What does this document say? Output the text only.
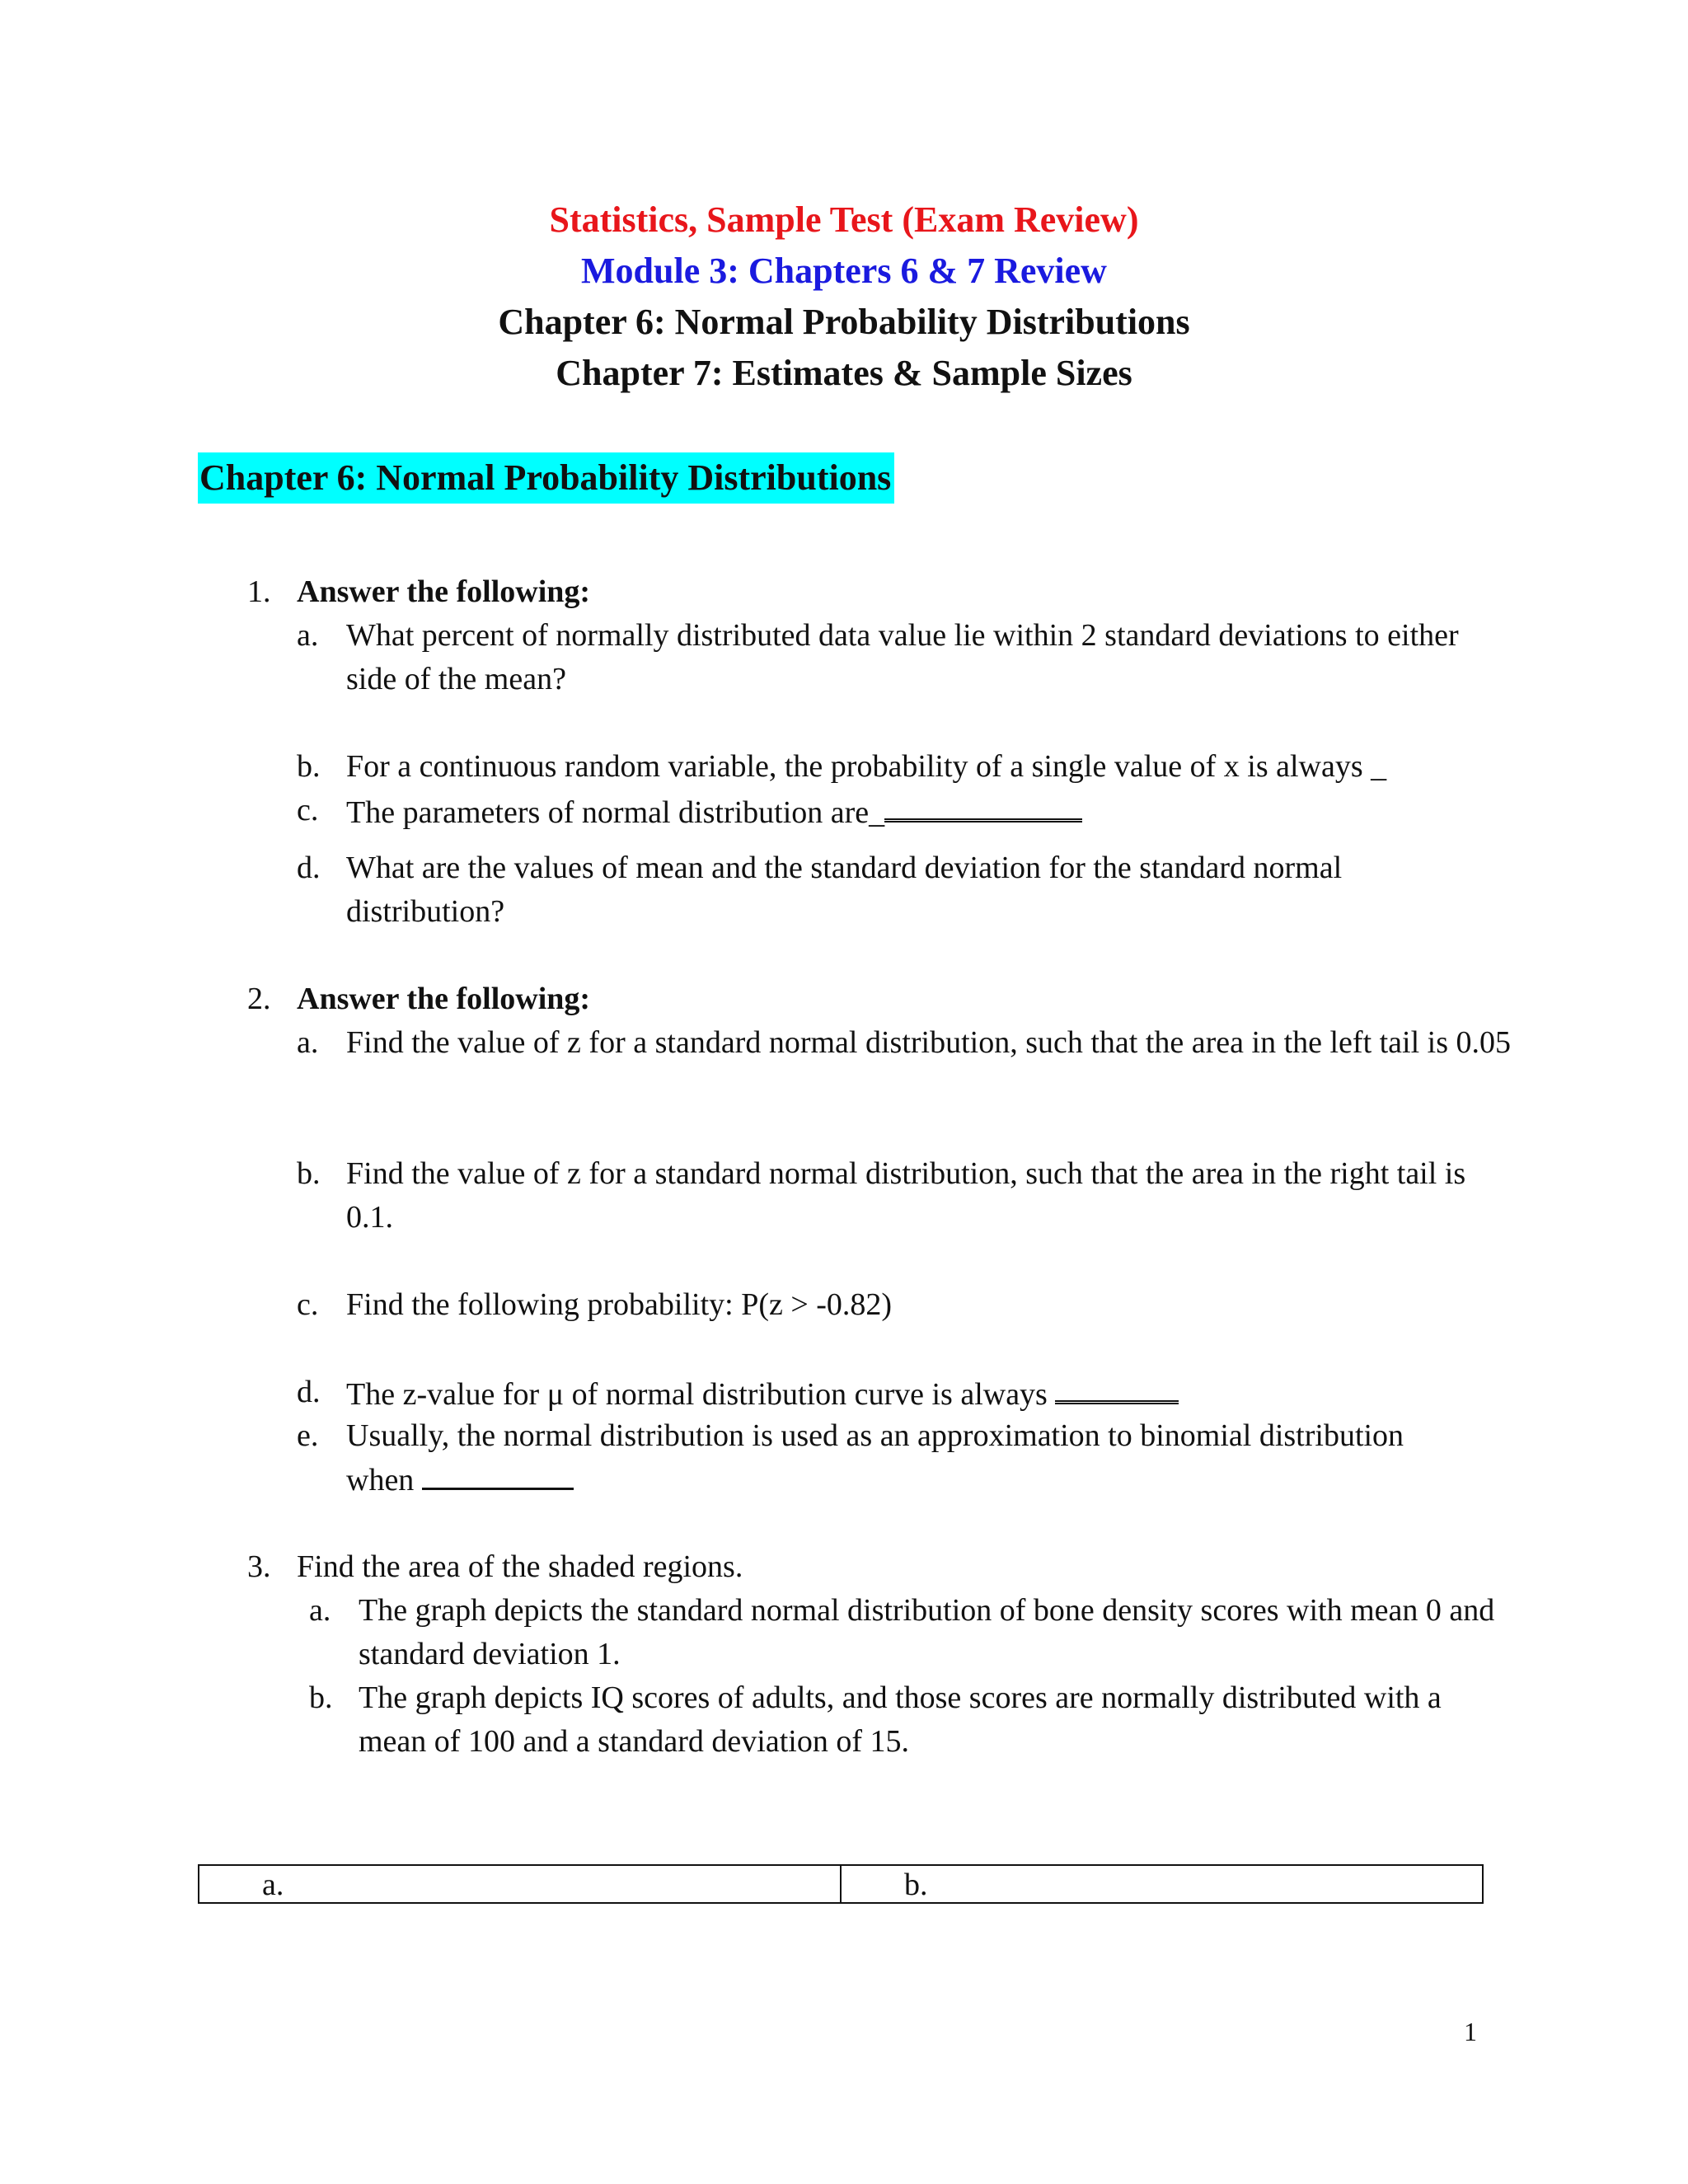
Statistics, Sample Test (Exam Review)
Module 3: Chapters 6 & 7 Review
Chapter 6: Normal Probability Distributions
Chapter 7: Estimates & Sample Sizes
Chapter 6: Normal Probability Distributions
1. Answer the following:
a. What percent of normally distributed data value lie within 2 standard deviations to either side of the mean?
b. For a continuous random variable, the probability of a single value of x is always _
c. The parameters of normal distribution are_
d. What are the values of mean and the standard deviation for the standard normal distribution?
2. Answer the following:
a. Find the value of z for a standard normal distribution, such that the area in the left tail is 0.05
b. Find the value of z for a standard normal distribution, such that the area in the right tail is 0.1.
c. Find the following probability: P(z > -0.82)
d. The z-value for μ of normal distribution curve is always
e. Usually, the normal distribution is used as an approximation to binomial distribution
when
3. Find the area of the shaded regions.
a. The graph depicts the standard normal distribution of bone density scores with mean 0 and standard deviation 1.
b. The graph depicts IQ scores of adults, and those scores are normally distributed with a mean of 100 and a standard deviation of 15.
a.	b.
1
